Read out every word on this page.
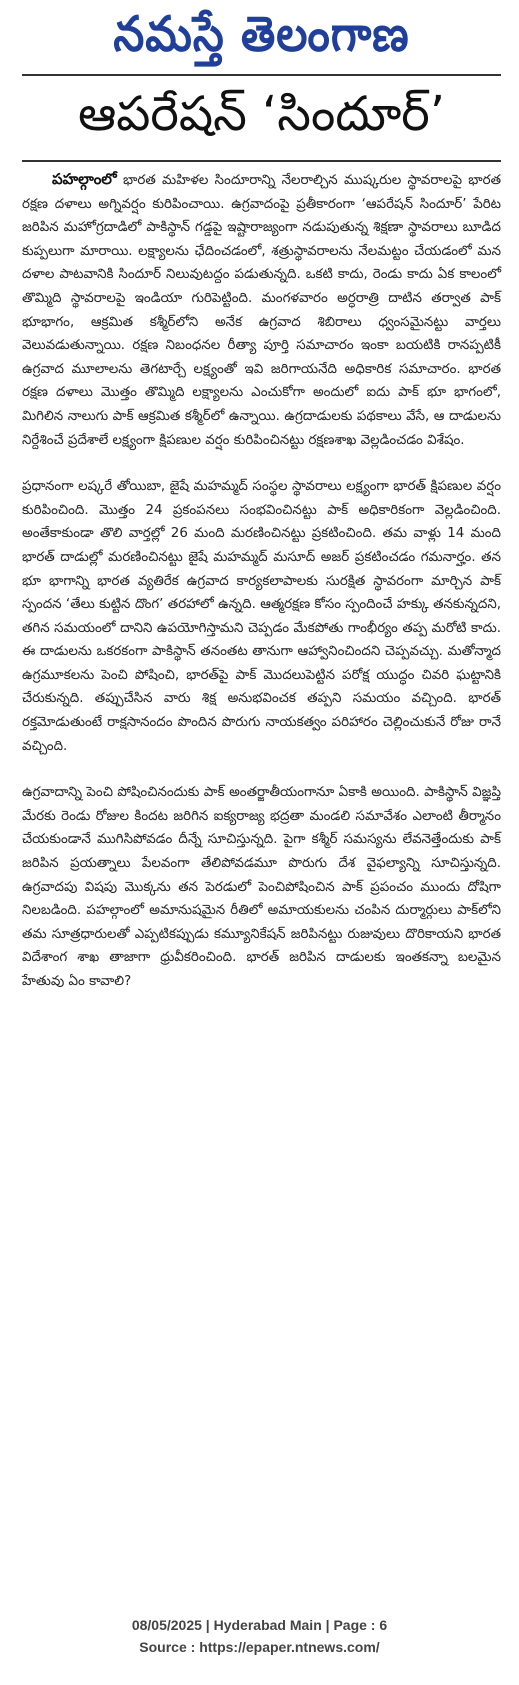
నమస్తే తెలంగాణ
ఆపరేషన్ ‘సిందూర్’

పహల్గాంలో భారత మహిళల సిందూరాన్ని నేలరాల్చిన ముష్కరుల స్థావరాలపై భారత రక్షణ దళాలు అగ్నివర్షం కురిపించాయి. ఉగ్రవాదంపై ప్రతీకారంగా ‘ఆపరేషన్ సిందూర్’ పేరిట జరిపిన మహోగ్రదాడిలో పాకిస్థాన్ గడ్డపై ఇష్టారాజ్యంగా నడుపుతున్న శిక్షణా స్థావరాలు బూడిద కుప్పలుగా మారాయి. లక్ష్యాలను ఛేదించడంలో, శత్రుస్థావరాలను నేలమట్టం చేయడంలో మన దళాల పాటవానికి సిందూర్ నిలువుటద్దం పడుతున్నది. ఒకటి కాదు, రెండు కాదు ఏక కాలంలో తొమ్మిది స్థావరాలపై ఇండియా గురిపెట్టింది. మంగళవారం అర్ధరాత్రి దాటిన తర్వాత పాక్ భూభాగం, ఆక్రమిత కశ్మీర్‌లోని అనేక ఉగ్రవాద శిబిరాలు ధ్వంసమైనట్టు వార్తలు వెలువడుతున్నాయి. రక్షణ నిబంధనల రీత్యా పూర్తి సమాచారం ఇంకా బయటికి రానప్పటికీ ఉగ్రవాద మూలాలను తెగటార్చే లక్ష్యంతో ఇవి జరిగాయనేది అధికారిక సమాచారం. భారత రక్షణ దళాలు మొత్తం తొమ్మిది లక్ష్యాలను ఎంచుకోగా అందులో ఐదు పాక్ భూ భాగంలో, మిగిలిన నాలుగు పాక్ ఆక్రమిత కశ్మీర్‌లో ఉన్నాయి. ఉగ్రదాడులకు పథకాలు వేసే, ఆ దాడులను నిర్దేశించే ప్రదేశాలే లక్ష్యంగా క్షిపణుల వర్షం కురిపించినట్టు రక్షణశాఖ వెల్లడించడం విశేషం.

ప్రధానంగా లష్కరే తోయిబా, జైషే మహమ్మద్ సంస్థల స్థావరాలు లక్ష్యంగా భారత్ క్షిపణుల వర్షం కురిపించింది. మొత్తం 24 ప్రకంపనలు సంభవించినట్టు పాక్ అధికారికంగా వెల్లడించింది. అంతేకాకుండా తొలి వార్తల్లో 26 మంది మరణించినట్టు ప్రకటించింది. తమ వాళ్లు 14 మంది భారత్ దాడుల్లో మరణించినట్టు జైషే మహమ్మద్ మసూద్ అజర్ ప్రకటించడం గమనార్హం. తన భూ భాగాన్ని భారత వ్యతిరేక ఉగ్రవాద కార్యకలాపాలకు సురక్షిత స్థావరంగా మార్చిన పాక్ స్పందన ‘తేలు కుట్టిన దొంగ’ తరహాలో ఉన్నది. ఆత్మరక్షణ కోసం స్పందించే హక్కు తనకున్నదని, తగిన సమయంలో దానిని ఉపయోగిస్తామని చెప్పడం మేకపోతు గాంభీర్యం తప్ప మరోటి కాదు. ఈ దాడులను ఒకరకంగా పాకిస్థాన్ తనంతట తానుగా ఆహ్వానించిందని చెప్పవచ్చు. మతోన్మాద ఉగ్రమూకలను పెంచి పోషించి, భారత్‌పై పాక్ మొదలుపెట్టిన పరోక్ష యుద్ధం చివరి ఘట్టానికి చేరుకున్నది. తప్పుచేసిన వారు శిక్ష అనుభవించక తప్పని సమయం వచ్చింది. భారత్ రక్తమోడుతుంటే రాక్షసానందం పొందిన పొరుగు నాయకత్వం పరిహారం చెల్లించుకునే రోజు రానే వచ్చింది.

ఉగ్రవాదాన్ని పెంచి పోషించినందుకు పాక్ అంతర్జాతీయంగానూ ఏకాకి అయింది. పాకిస్థాన్ విజ్ఞప్తి మేరకు రెండు రోజుల కిందట జరిగిన ఐక్యరాజ్య భద్రతా మండలి సమావేశం ఎలాంటి తీర్మానం చేయకుండానే ముగిసిపోవడం దీన్నే సూచిస్తున్నది. పైగా కశ్మీర్ సమస్యను లేవనెత్తేందుకు పాక్ జరిపిన ప్రయత్నాలు పేలవంగా తేలిపోవడమూ పొరుగు దేశ వైఫల్యాన్ని సూచిస్తున్నది. ఉగ్రవాదపు విషపు మొక్కను తన పెరడులో పెంచిపోషించిన పాక్ ప్రపంచం ముందు దోషిగా నిలబడింది. పహల్గాంలో అమానుషమైన రీతిలో అమాయకులను చంపిన దుర్మార్గులు పాక్‌లోని తమ సూత్రధారులతో ఎప్పటికప్పుడు కమ్యూనికేషన్ జరిపినట్టు రుజువులు దొరికాయని భారత విదేశాంగ శాఖ తాజాగా ధ్రువీకరించింది. భారత్ జరిపిన దాడులకు ఇంతకన్నా బలమైన హేతువు ఏం కావాలి?

08/05/2025 | Hyderabad Main | Page : 6
Source : https://epaper.ntnews.com/
